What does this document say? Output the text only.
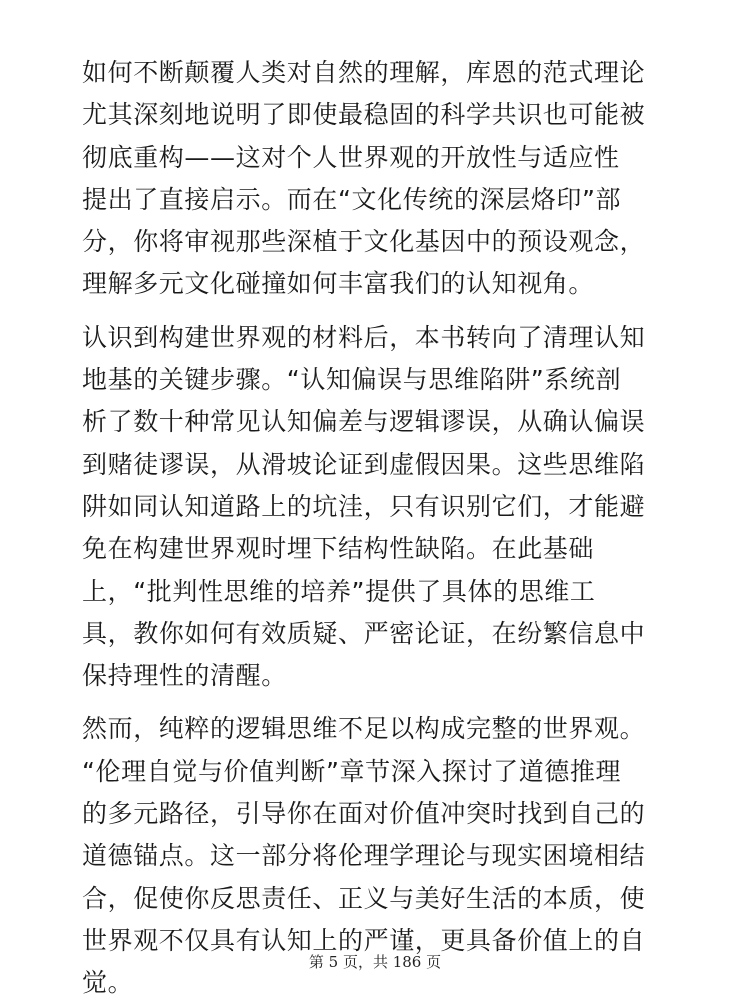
如何不断颠覆人类对自然的理解，库恩的范式理论
尤其深刻地说明了即使最稳固的科学共识也可能被
彻底重构——这对个人世界观的开放性与适应性
提出了直接启示。而在“文化传统的深层烙印”部
分，你将审视那些深植于文化基因中的预设观念，
理解多元文化碰撞如何丰富我们的认知视角。

认识到构建世界观的材料后，本书转向了清理认知
地基的关键步骤。“认知偏误与思维陷阱”系统剖
析了数十种常见认知偏差与逻辑谬误，从确认偏误
到赌徒谬误，从滑坡论证到虚假因果。这些思维陷
阱如同认知道路上的坑洼，只有识别它们，才能避
免在构建世界观时埋下结构性缺陷。在此基础
上，“批判性思维的培养”提供了具体的思维工
具，教你如何有效质疑、严密论证，在纷繁信息中
保持理性的清醒。

然而，纯粹的逻辑思维不足以构成完整的世界观。
“伦理自觉与价值判断”章节深入探讨了道德推理
的多元路径，引导你在面对价值冲突时找到自己的
道德锚点。这一部分将伦理学理论与现实困境相结
合，促使你反思责任、正义与美好生活的本质，使
世界观不仅具有认知上的严谨，更具备价值上的自
觉。

第 5 页，共 186 页
